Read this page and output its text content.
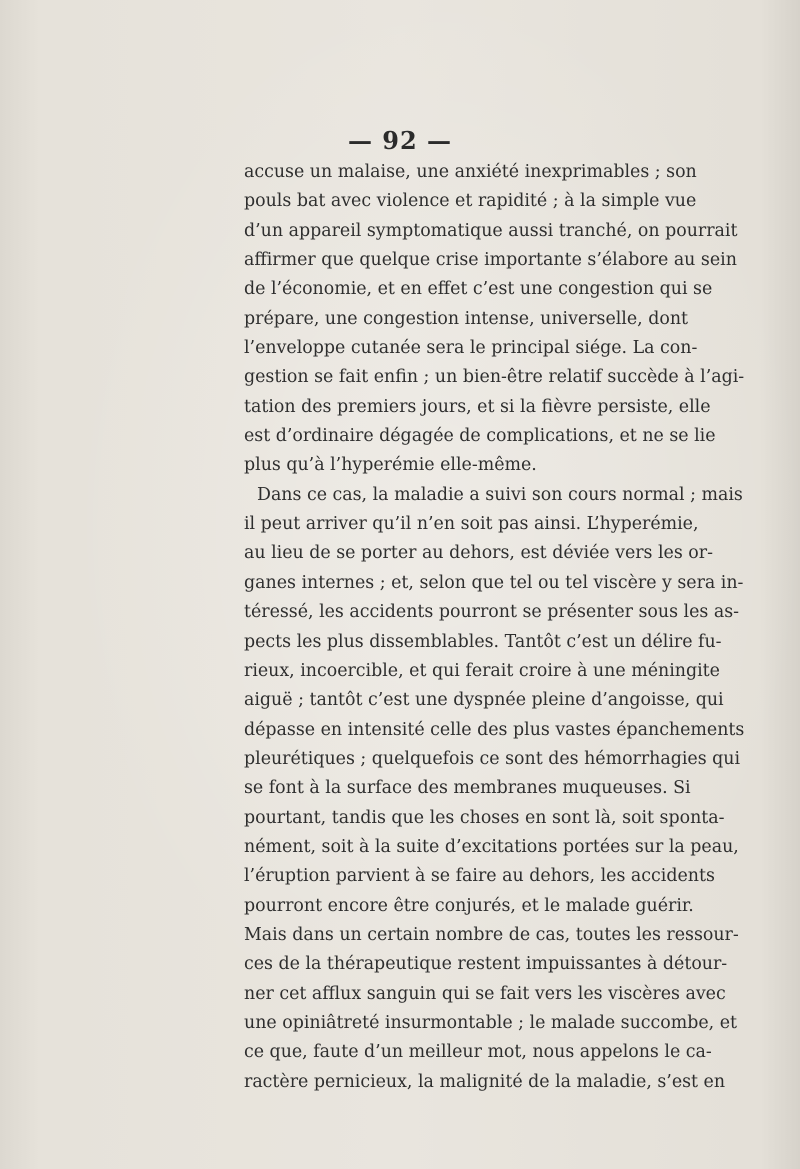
— 92 —
accuse un malaise, une anxiété inexprimables ; son
pouls bat avec violence et rapidité ; à la simple vue
d’un appareil symptomatique aussi tranché, on pourrait
affirmer que quelque crise importante s’élabore au sein
de l’économie, et en effet c’est une congestion qui se
prépare, une congestion intense, universelle, dont
l’enveloppe cutanée sera le principal siége. La con-
gestion se fait enfin ; un bien-être relatif succède à l’agi-
tation des premiers jours, et si la fièvre persiste, elle
est d’ordinaire dégagée de complications, et ne se lie
plus qu’à l’hyperémie elle-même.
Dans ce cas, la maladie a suivi son cours normal ; mais
il peut arriver qu’il n’en soit pas ainsi. L’hyperémie,
au lieu de se porter au dehors, est déviée vers les or-
ganes internes ; et, selon que tel ou tel viscère y sera in-
téressé, les accidents pourront se présenter sous les as-
pects les plus dissemblables. Tantôt c’est un délire fu-
rieux, incoercible, et qui ferait croire à une méningite
aiguë ; tantôt c’est une dyspnée pleine d’angoisse, qui
dépasse en intensité celle des plus vastes épanchements
pleurétiques ; quelquefois ce sont des hémorrhagies qui
se font à la surface des membranes muqueuses. Si
pourtant, tandis que les choses en sont là, soit sponta-
nément, soit à la suite d’excitations portées sur la peau,
l’éruption parvient à se faire au dehors, les accidents
pourront encore être conjurés, et le malade guérir.
Mais dans un certain nombre de cas, toutes les ressour-
ces de la thérapeutique restent impuissantes à détour-
ner cet afflux sanguin qui se fait vers les viscères avec
une opiniâtreté insurmontable ; le malade succombe, et
ce que, faute d’un meilleur mot, nous appelons le ca-
ractère pernicieux, la malignité de la maladie, s’est en
